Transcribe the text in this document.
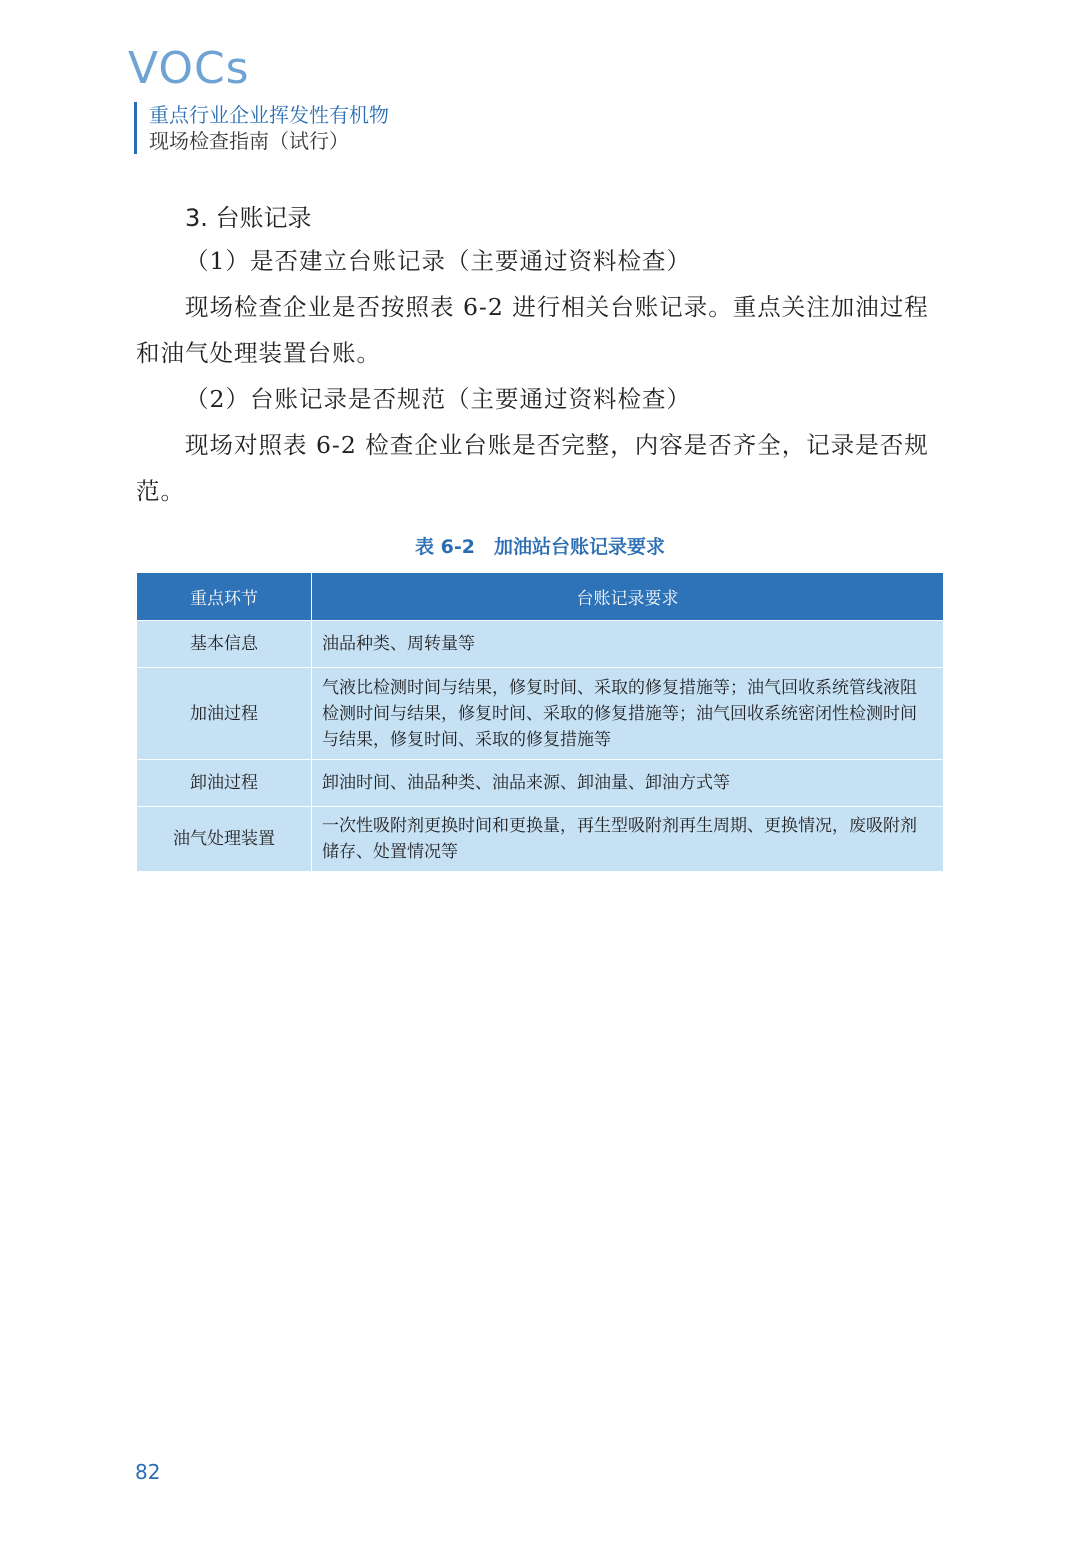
VOCs
重点行业企业挥发性有机物
现场检查指南（试行）
3. 台账记录
（1）是否建立台账记录（主要通过资料检查）
现场检查企业是否按照表 6-2 进行相关台账记录。重点关注加油过程和油气处理装置台账。
（2）台账记录是否规范（主要通过资料检查）
现场对照表 6-2 检查企业台账是否完整，内容是否齐全，记录是否规范。
表 6-2　加油站台账记录要求
重点环节	台账记录要求
基本信息	油品种类、周转量等
加油过程	气液比检测时间与结果，修复时间、采取的修复措施等；油气回收系统管线液阻检测时间与结果，修复时间、采取的修复措施等；油气回收系统密闭性检测时间与结果，修复时间、采取的修复措施等
卸油过程	卸油时间、油品种类、油品来源、卸油量、卸油方式等
油气处理装置	一次性吸附剂更换时间和更换量，再生型吸附剂再生周期、更换情况，废吸附剂储存、处置情况等
82
